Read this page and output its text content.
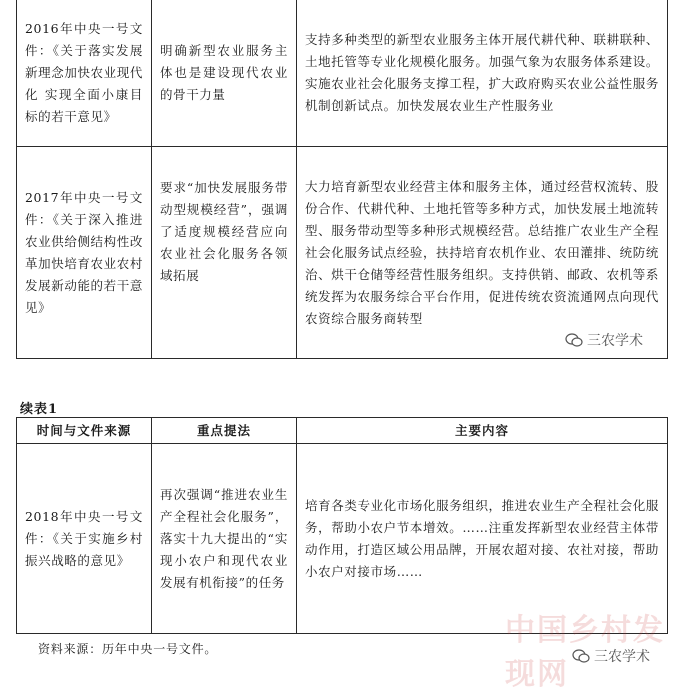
2016年中央一号文件：《关于落实发展新理念加快农业现代化 实现全面小康目标的若干意见》	明确新型农业服务主体也是建设现代农业的骨干力量	支持多种类型的新型农业服务主体开展代耕代种、联耕联种、土地托管等专业化规模化服务。加强气象为农服务体系建设。实施农业社会化服务支撑工程，扩大政府购买农业公益性服务机制创新试点。加快发展农业生产性服务业
2017年中央一号文件：《关于深入推进农业供给侧结构性改革加快培育农业农村发展新动能的若干意见》	要求“加快发展服务带动型规模经营”，强调了适度规模经营应向农业社会化服务各领域拓展	大力培育新型农业经营主体和服务主体，通过经营权流转、股份合作、代耕代种、土地托管等多种方式，加快发展土地流转型、服务带动型等多种形式规模经营。总结推广农业生产全程社会化服务试点经验，扶持培育农机作业、农田灌排、统防统治、烘干仓储等经营性服务组织。支持供销、邮政、农机等系统发挥为农服务综合平台作用，促进传统农资流通网点向现代农资综合服务商转型
三农学术
续表1
时间与文件来源	重点提法	主要内容
2018年中央一号文件：《关于实施乡村振兴战略的意见》	再次强调“推进农业生产全程社会化服务”，落实十九大提出的“实现小农户和现代农业发展有机衔接”的任务	培育各类专业化市场化服务组织，推进农业生产全程社会化服务，帮助小农户节本增效。……注重发挥新型农业经营主体带动作用，打造区域公用品牌，开展农超对接、农社对接，帮助小农户对接市场……
资料来源：历年中央一号文件。
中国乡村发现网	三农学术
